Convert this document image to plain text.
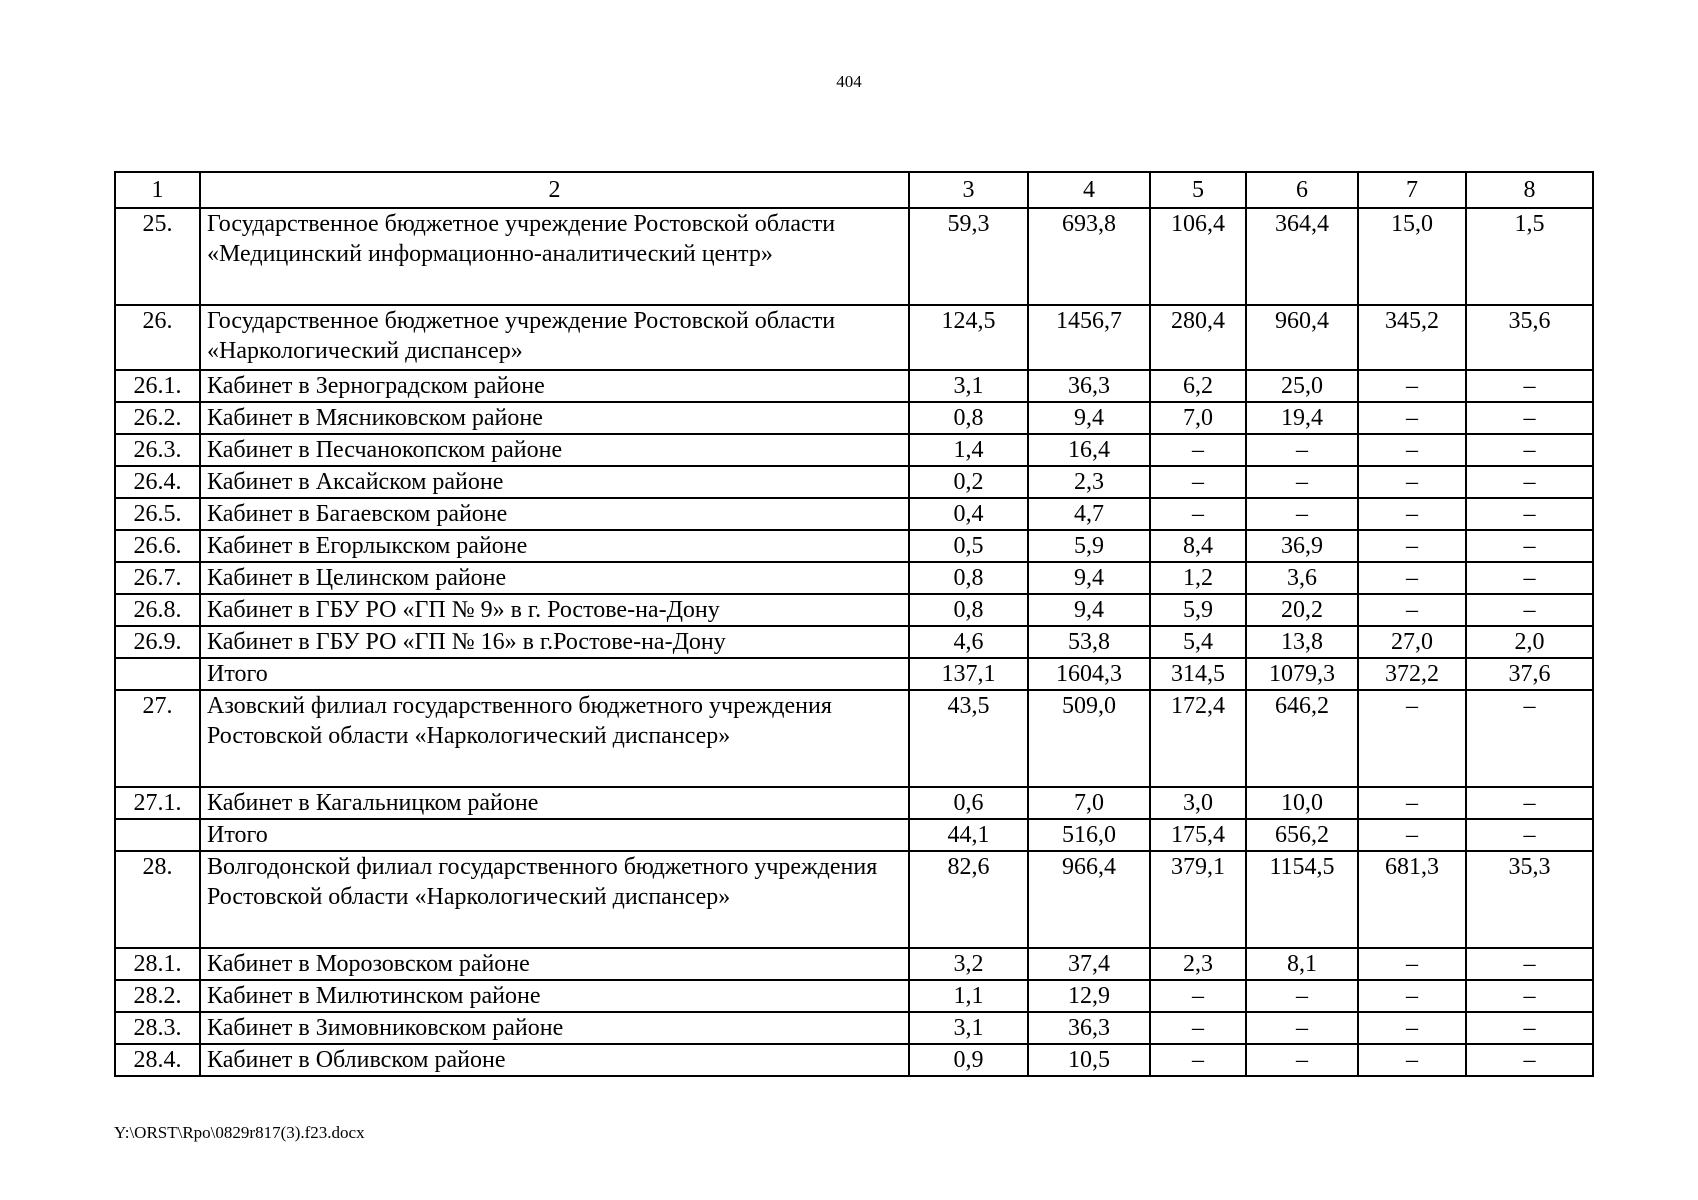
404
1	2	3	4	5	6	7	8
25.	Государственное бюджетное учреждение Ростовской области «Медицинский информационно-аналитический центр»	59,3	693,8	106,4	364,4	15,0	1,5
26.	Государственное бюджетное учреждение Ростовской области «Наркологический диспансер»	124,5	1456,7	280,4	960,4	345,2	35,6
26.1.	Кабинет в Зерноградском районе	3,1	36,3	6,2	25,0	–	–
26.2.	Кабинет в Мясниковском районе	0,8	9,4	7,0	19,4	–	–
26.3.	Кабинет в Песчанокопском районе	1,4	16,4	–	–	–	–
26.4.	Кабинет в Аксайском районе	0,2	2,3	–	–	–	–
26.5.	Кабинет в Багаевском районе	0,4	4,7	–	–	–	–
26.6.	Кабинет в Егорлыкском районе	0,5	5,9	8,4	36,9	–	–
26.7.	Кабинет в Целинском районе	0,8	9,4	1,2	3,6	–	–
26.8.	Кабинет в ГБУ РО «ГП № 9» в г. Ростове-на-Дону	0,8	9,4	5,9	20,2	–	–
26.9.	Кабинет в ГБУ РО «ГП № 16» в г.Ростове-на-Дону	4,6	53,8	5,4	13,8	27,0	2,0
	Итого	137,1	1604,3	314,5	1079,3	372,2	37,6
27.	Азовский филиал государственного бюджетного учреждения Ростовской области «Наркологический диспансер»	43,5	509,0	172,4	646,2	–	–
27.1.	Кабинет в Кагальницком районе	0,6	7,0	3,0	10,0	–	–
	Итого	44,1	516,0	175,4	656,2	–	–
28.	Волгодонской филиал государственного бюджетного учреждения Ростовской области «Наркологический диспансер»	82,6	966,4	379,1	1154,5	681,3	35,3
28.1.	Кабинет в Морозовском районе	3,2	37,4	2,3	8,1	–	–
28.2.	Кабинет в Милютинском районе	1,1	12,9	–	–	–	–
28.3.	Кабинет в Зимовниковском районе	3,1	36,3	–	–	–	–
28.4.	Кабинет в Обливском районе	0,9	10,5	–	–	–	–
Y:\ORST\Rpo\0829r817(3).f23.docx
